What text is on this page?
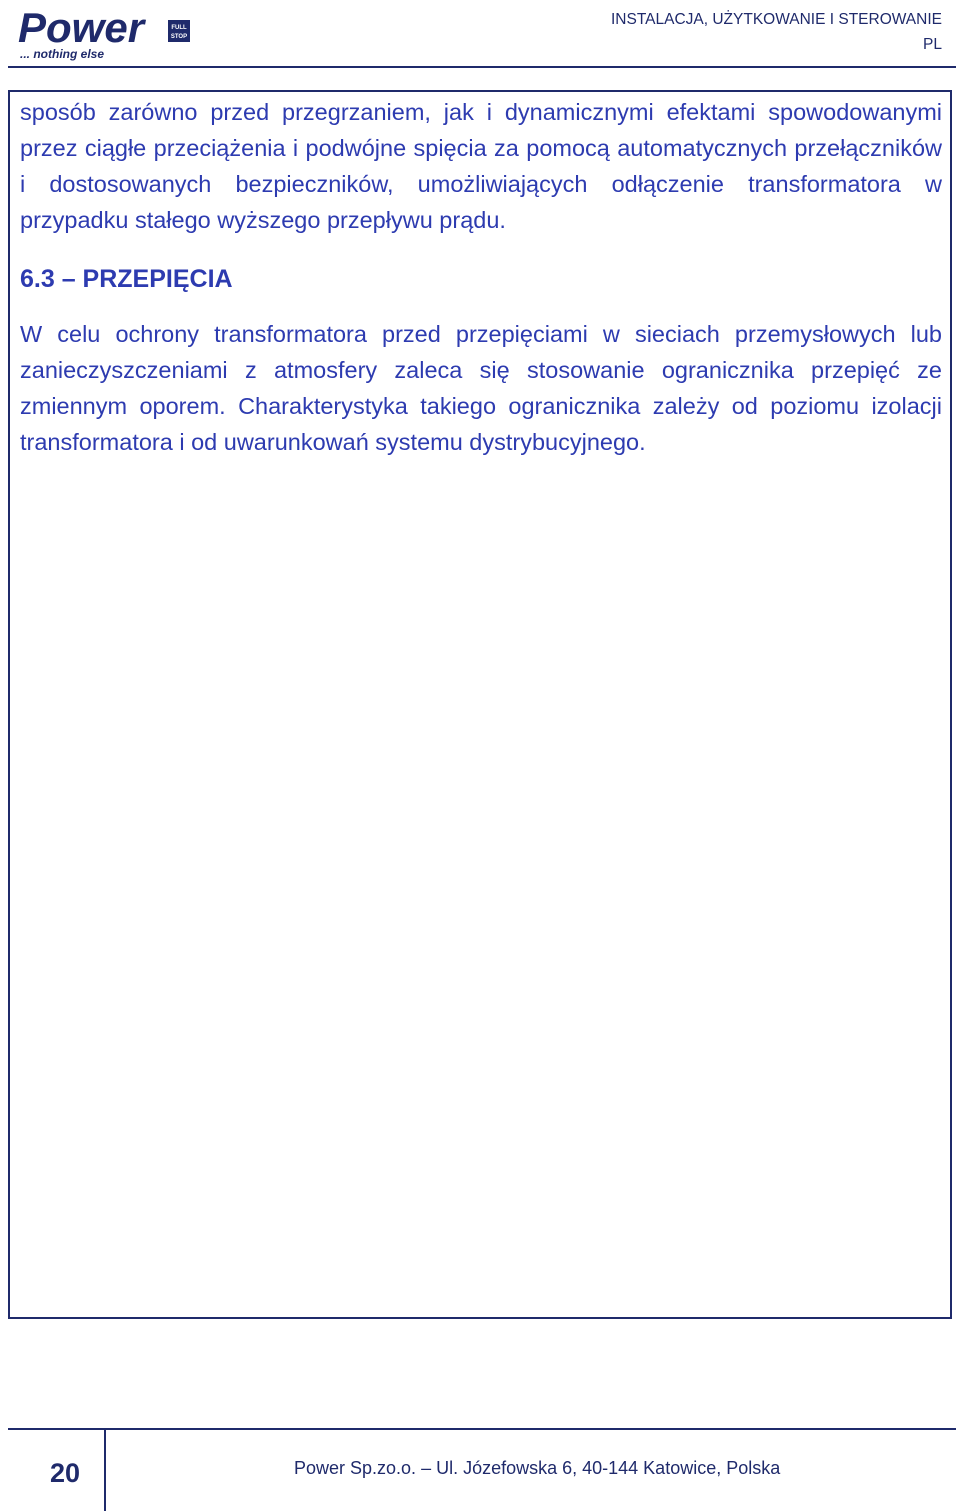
Power	FULL
STOP
... nothing else
INSTALACJA, UŻYTKOWANIE I STEROWANIE
PL

sposób zarówno przed przegrzaniem, jak i dynamicznymi efektami spowodowanymi przez ciągłe przeciążenia i podwójne spięcia za pomocą automatycznych przełączników i dostosowanych bezpieczników, umożliwiających odłączenie transformatora w przypadku stałego wyższego przepływu prądu.

6.3 – PRZEPIĘCIA

W celu ochrony transformatora przed przepięciami w sieciach przemysłowych lub zanieczyszczeniami z atmosfery zaleca się stosowanie ogranicznika przepięć ze zmiennym oporem. Charakterystyka takiego ogranicznika zależy od poziomu izolacji transformatora i od uwarunkowań systemu dystrybucyjnego.

20	Power Sp.zo.o. – Ul. Józefowska 6, 40-144 Katowice, Polska
